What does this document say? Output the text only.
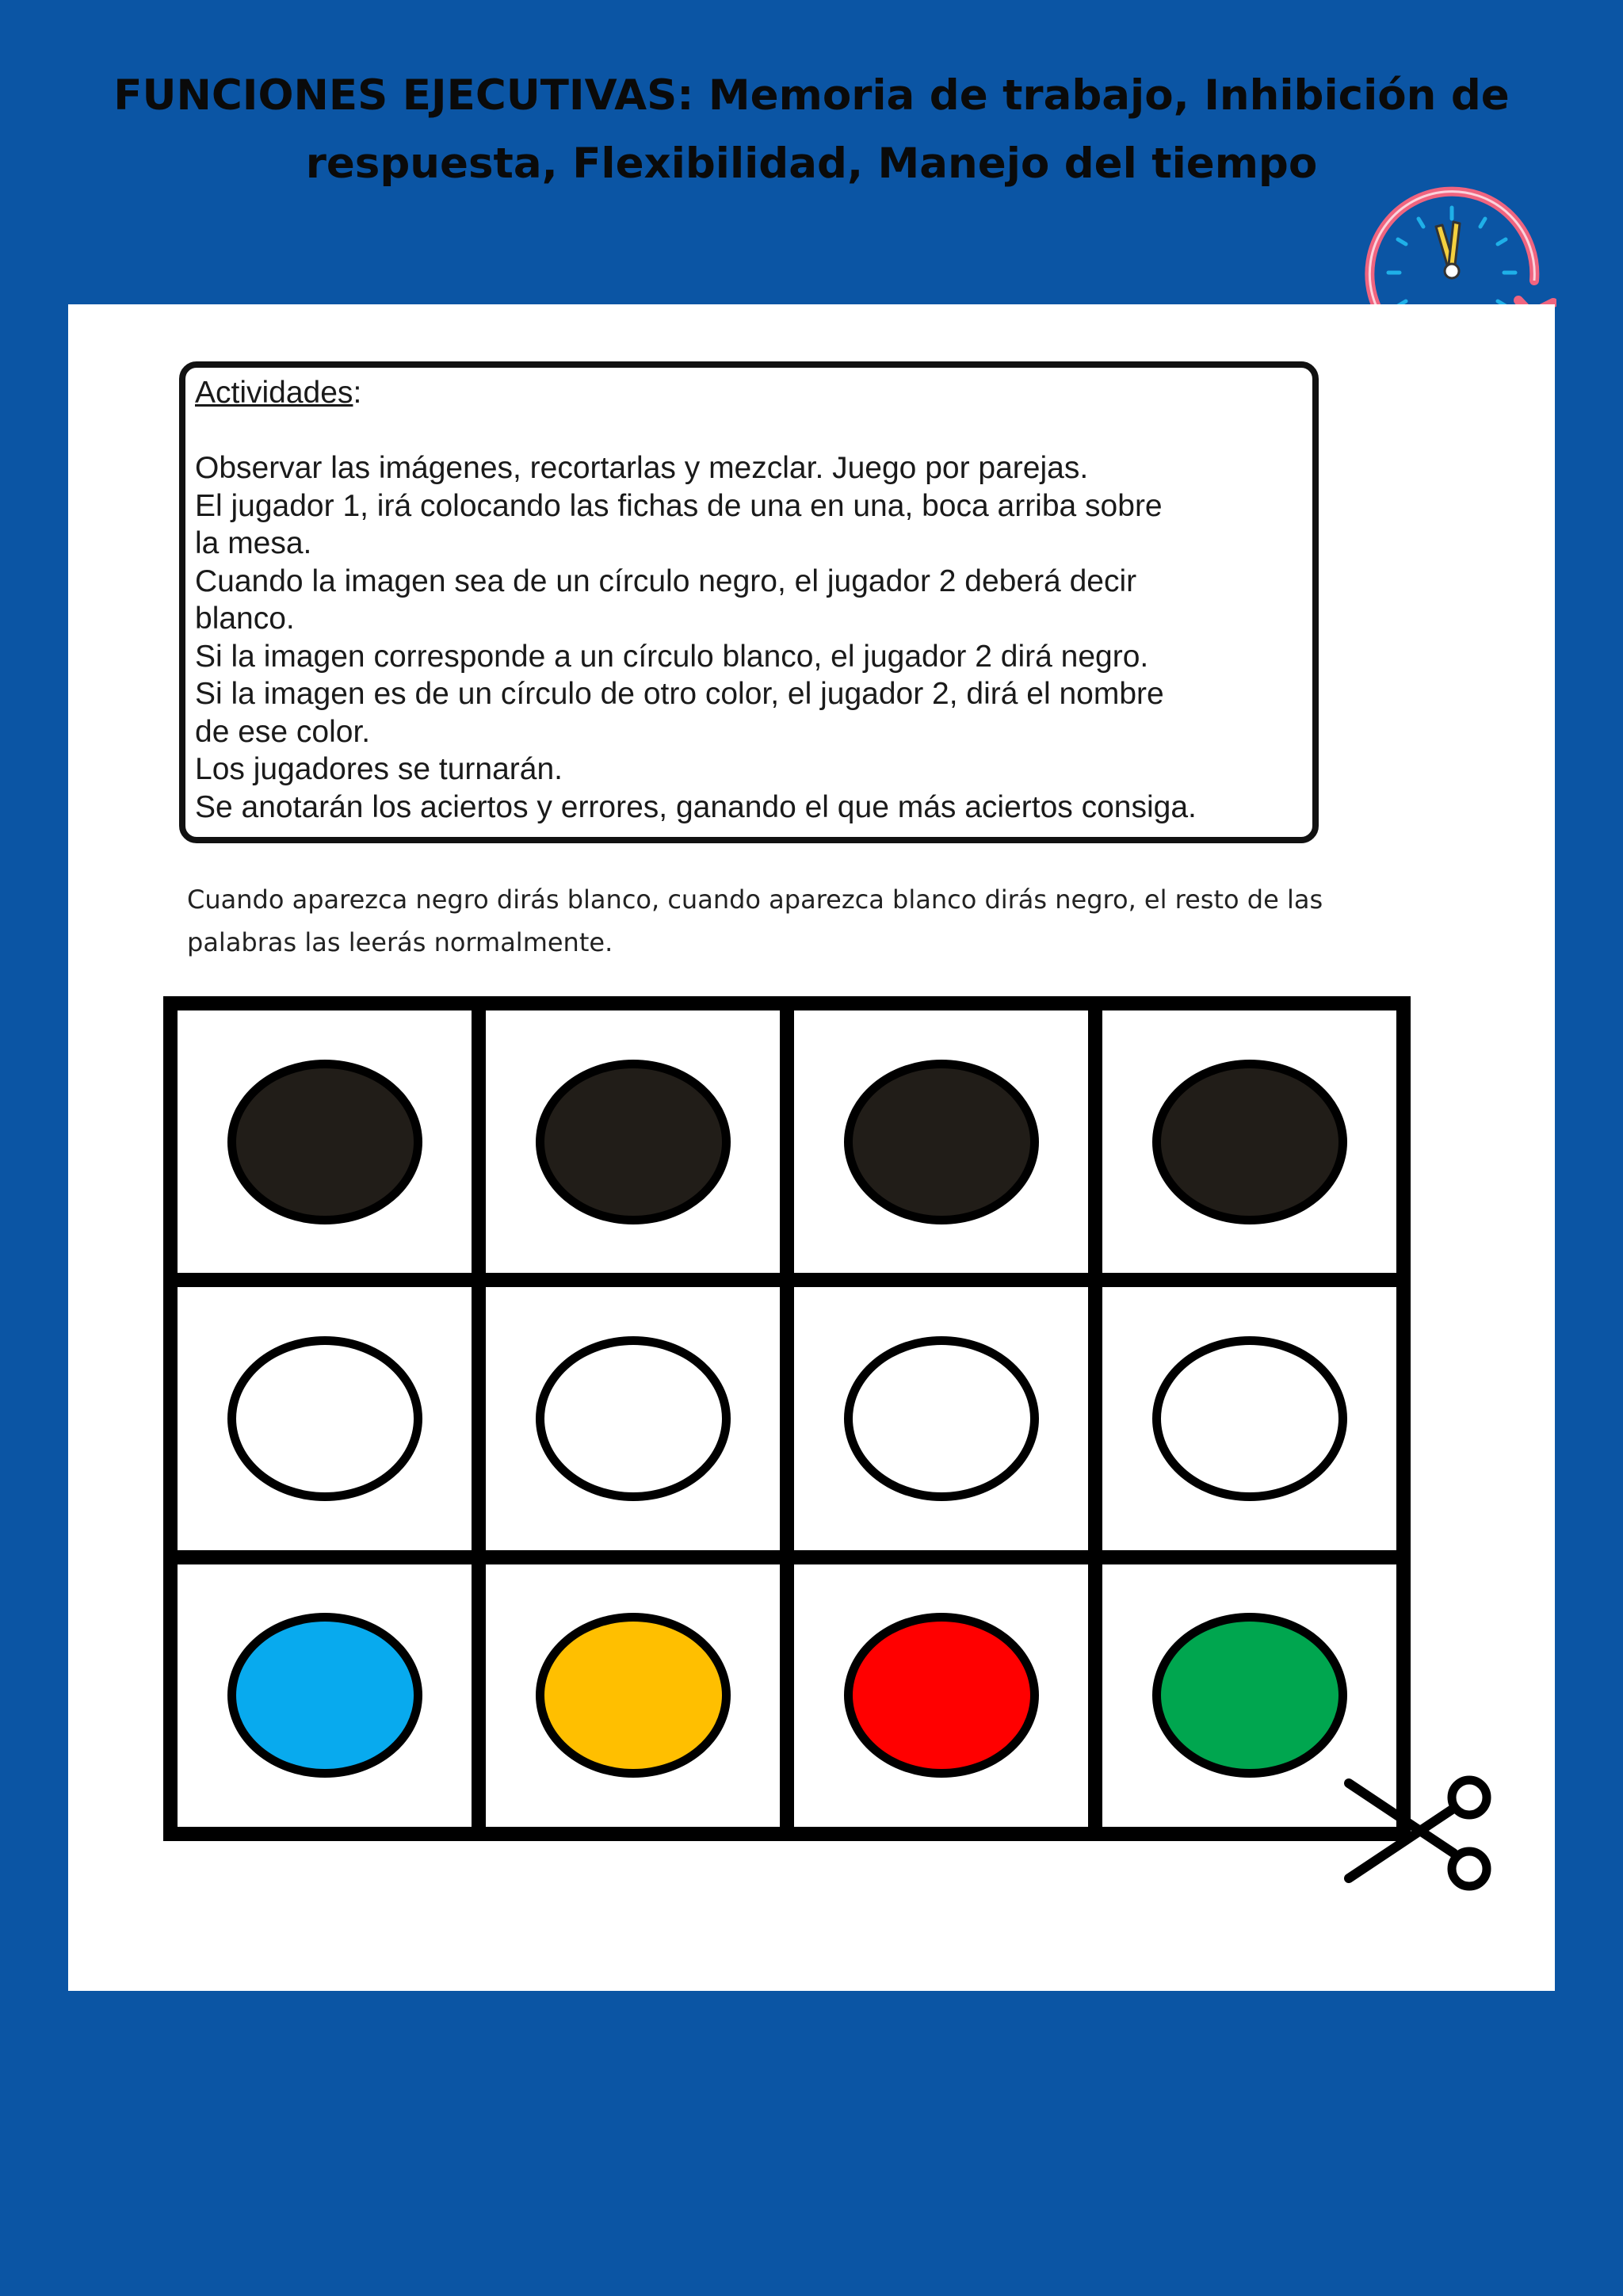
FUNCIONES EJECUTIVAS: Memoria de trabajo, Inhibición de respuesta, Flexibilidad, Manejo del tiempo
Actividades:

Observar las imágenes, recortarlas y mezclar. Juego por parejas.
El jugador 1, irá colocando las fichas de una en una, boca arriba sobre
la mesa.
Cuando la imagen sea de un círculo negro, el jugador 2 deberá decir
blanco.
Si la imagen corresponde a un círculo blanco, el jugador 2 dirá negro.
Si la imagen es de un círculo de otro color, el jugador 2, dirá el nombre
de ese color.
Los jugadores se turnarán.
Se anotarán los aciertos y errores, ganando el que más aciertos consiga.
Cuando aparezca negro dirás blanco, cuando aparezca blanco dirás negro, el resto de las
palabras las leerás normalmente.
